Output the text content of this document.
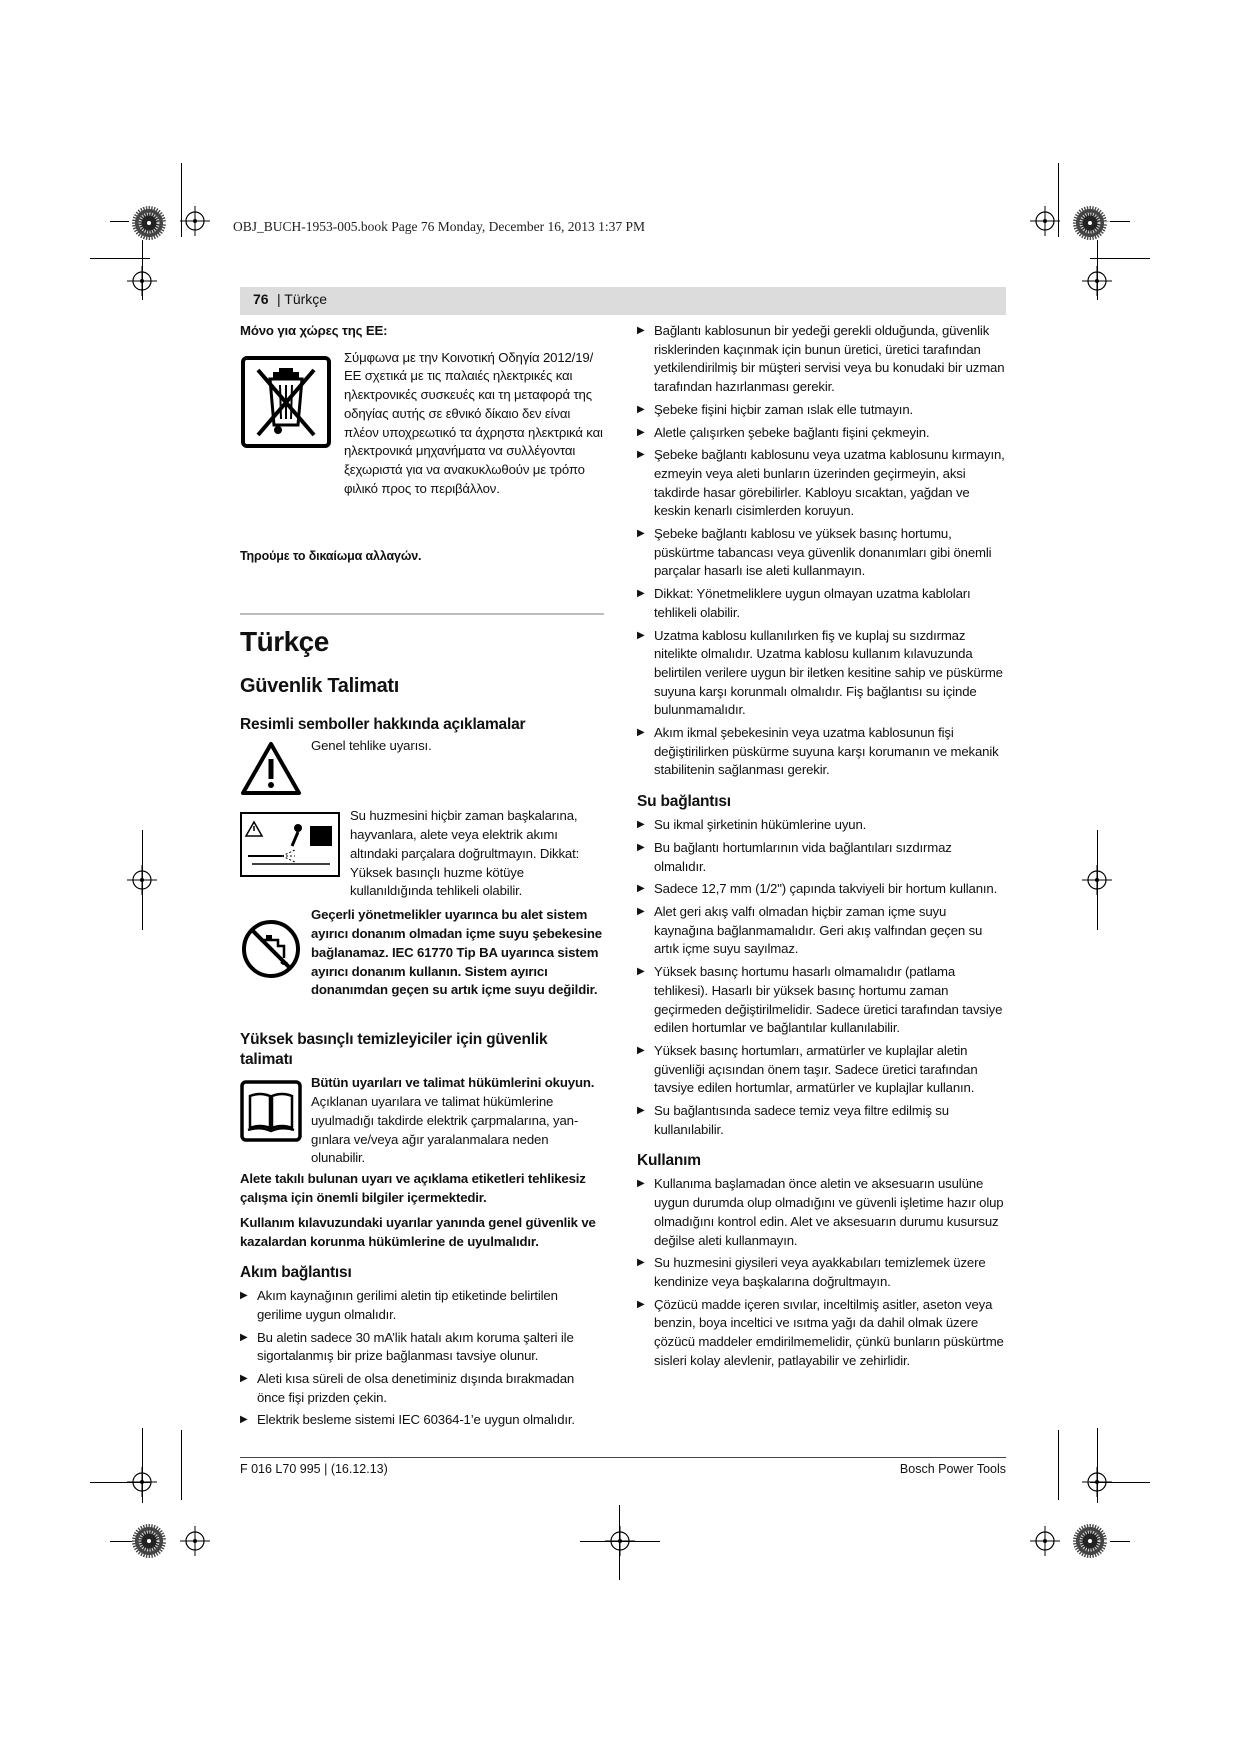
OBJ_BUCH-1953-005.book Page 76 Monday, December 16, 2013 1:37 PM
76 | Türkçe

Μόνο για χώρες της ΕΕ:

Σύμφωνα με την Κοινοτική Οδηγία 2012/19/ΕΕ σχετικά με τις παλαιές ηλεκτρικές και ηλεκτρονικές συσκευές και τη μεταφορά της οδηγίας αυτής σε εθνικό δίκαιο δεν είναι πλέον υποχρεωτικό τα άχρηστα ηλεκτρικά και ηλεκτρονικά μηχανήματα να συλλέγονται ξεχωριστά για να ανακυκλωθούν με τρόπο φιλικό προς το περιβάλλον.

Τηρούμε το δικαίωμα αλλαγών.

Türkçe

Güvenlik Talimatı

Resimli semboller hakkında açıklamalar

Genel tehlike uyarısı.

Su huzmesini hiçbir zaman başkalarına, hayvanlara, alete veya elektrik akımı altındaki parçalara doğrultmayın. Dikkat: Yüksek basınçlı huzme kötüye kullanıldığında tehlikeli olabilir.

Geçerli yönetmelikler uyarınca bu alet sistem ayırıcı donanım olmadan içme suyu şebekesine bağlanamaz. IEC 61770 Tip BA uyarınca sistem ayırıcı donanım kullanın. Sistem ayırıcı donanımdan geçen su artık içme suyu değildir.

Yüksek basınçlı temizleyiciler için güvenlik talimatı

Bütün uyarıları ve talimat hükümlerini okuyun.

Açıklanan uyarılara ve talimat hükümlerine uyulmadığı takdirde elektrik çarpmalarına, yan-gınlara ve/veya ağır yaralanmalara neden olunabilir.

Alete takılı bulunan uyarı ve açıklama etiketleri tehlikesiz çalışma için önemli bilgiler içermektedir.

Kullanım kılavuzundaki uyarılar yanında genel güvenlik ve kazalardan korunma hükümlerine de uyulmalıdır.

Akım bağlantısı

▶ Akım kaynağının gerilimi aletin tip etiketinde belirtilen gerilime uygun olmalıdır.

▶ Bu aletin sadece 30 mA’lik hatalı akım koruma şalteri ile sigortalanmış bir prize bağlanması tavsiye olunur.

▶ Aleti kısa süreli de olsa denetiminiz dışında bırakmadan önce fişi prizden çekin.

▶ Elektrik besleme sistemi IEC 60364-1’e uygun olmalıdır.

▶ Bağlantı kablosunun bir yedeği gerekli olduğunda, güvenlik risklerinden kaçınmak için bunun üretici, üretici tarafından yetkilendirilmiş bir müşteri servisi veya bu konudaki bir uzman tarafından hazırlanması gerekir.

▶ Şebeke fişini hiçbir zaman ıslak elle tutmayın.

▶ Aletle çalışırken şebeke bağlantı fişini çekmeyin.

▶ Şebeke bağlantı kablosunu veya uzatma kablosunu kırmayın, ezmeyin veya aleti bunların üzerinden geçirmeyin, aksi takdirde hasar görebilirler. Kabloyu sıcaktan, yağdan ve keskin kenarlı cisimlerden koruyun.

▶ Şebeke bağlantı kablosu ve yüksek basınç hortumu, püskürtme tabancası veya güvenlik donanımları gibi önemli parçalar hasarlı ise aleti kullanmayın.

▶ Dikkat: Yönetmeliklere uygun olmayan uzatma kabloları tehlikeli olabilir.

▶ Uzatma kablosu kullanılırken fiş ve kuplaj su sızdırmaz nitelikte olmalıdır. Uzatma kablosu kullanım kılavuzunda belirtilen verilere uygun bir iletken kesitine sahip ve püskürme suyuna karşı korunmalı olmalıdır. Fiş bağlantısı su içinde bulunmamalıdır.

▶ Akım ikmal şebekesinin veya uzatma kablosunun fişi değiştirilirken püskürme suyuna karşı korumanın ve mekanik stabilitenin sağlanması gerekir.

Su bağlantısı

▶ Su ikmal şirketinin hükümlerine uyun.

▶ Bu bağlantı hortumlarının vida bağlantıları sızdırmaz olmalıdır.

▶ Sadece 12,7 mm (1/2") çapında takviyeli bir hortum kullanın.

▶ Alet geri akış valfı olmadan hiçbir zaman içme suyu kaynağına bağlanmamalıdır. Geri akış valfından geçen su artık içme suyu sayılmaz.

▶ Yüksek basınç hortumu hasarlı olmamalıdır (patlama tehlikesi). Hasarlı bir yüksek basınç hortumu zaman geçirmeden değiştirilmelidir. Sadece üretici tarafından tavsiye edilen hortumlar ve bağlantılar kullanılabilir.

▶ Yüksek basınç hortumları, armatürler ve kuplajlar aletin güvenliği açısından önem taşır. Sadece üretici tarafından tavsiye edilen hortumlar, armatürler ve kuplajlar kullanın.

▶ Su bağlantısında sadece temiz veya filtre edilmiş su kullanılabilir.

Kullanım

▶ Kullanıma başlamadan önce aletin ve aksesuarın usulüne uygun durumda olup olmadığını ve güvenli işletime hazır olup olmadığını kontrol edin. Alet ve aksesuarın durumu kusursuz değilse aleti kullanmayın.

▶ Su huzmesini giysileri veya ayakkabıları temizlemek üzere kendinize veya başkalarına doğrultmayın.

▶ Çözücü madde içeren sıvılar, inceltilmiş asitler, aseton veya benzin, boya inceltici ve ısıtma yağı da dahil olmak üzere çözücü maddeler emdirilmemelidir, çünkü bunların püskürtme sisleri kolay alevlenir, patlayabilir ve zehirlidir.

F 016 L70 995 | (16.12.13)	Bosch Power Tools
